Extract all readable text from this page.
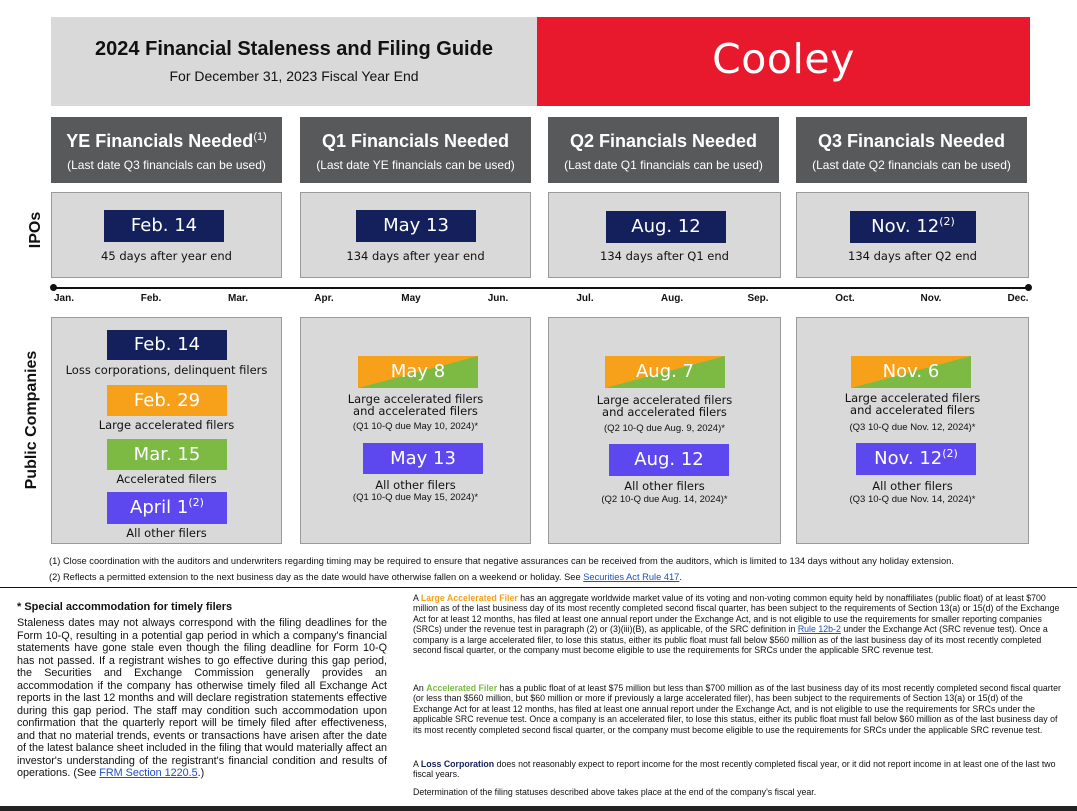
2024 Financial Staleness and Filing Guide
For December 31, 2023 Fiscal Year End	Cooley
YE Financials Needed$^{(1)}$
(Last date Q3 financials can be used)
Q1 Financials Needed
(Last date YE financials can be used)
Q2 Financials Needed
(Last date Q1 financials can be used)
Q3 Financials Needed
(Last date Q2 financials can be used)
IPOs
Public Companies
Feb. 14
45 days after year end
May 13
134 days after year end
Aug. 12
134 days after Q1 end
Nov. 12$^{(2)}$
134 days after Q2 end
Jan.	Feb.	Mar.	Apr.	May	Jun.	Jul.	Aug.	Sep.	Oct.	Nov.	Dec.
Feb. 14
Loss corporations, delinquent filers
Feb. 29
Large accelerated filers
Mar. 15
Accelerated filers
April 1$^{(2)}$
All other filers
May 8
Large accelerated filers
and accelerated filers
(Q1 10-Q due May 10, 2024)*
May 13
All other filers
(Q1 10-Q due May 15, 2024)*
Aug. 7
Large accelerated filers
and accelerated filers
(Q2 10-Q due Aug. 9, 2024)*
Aug. 12
All other filers
(Q2 10-Q due Aug. 14, 2024)*
Nov. 6
Large accelerated filers
and accelerated filers
(Q3 10-Q due Nov. 12, 2024)*
Nov. 12$^{(2)}$
All other filers
(Q3 10-Q due Nov. 14, 2024)*
(1) Close coordination with the auditors and underwriters regarding timing may be required to ensure that negative assurances can be received from the auditors, which is limited to 134 days without any holiday extension.
(2) Reflects a permitted extension to the next business day as the date would have otherwise fallen on a weekend or holiday. See Securities Act Rule 417.
* Special accommodation for timely filers
Staleness dates may not always correspond with the filing deadlines for the Form 10-Q, resulting in a potential gap period in which a company's financial statements have gone stale even though the filing deadline for Form 10-Q has not passed. If a registrant wishes to go effective during this gap period, the Securities and Exchange Commission generally provides an accommodation if the company has otherwise timely filed all Exchange Act reports in the last 12 months and will declare registration statements effective during this gap period. The staff may condition such accommodation upon confirmation that the quarterly report will be timely filed after effectiveness, and that no material trends, events or transactions have arisen after the date of the latest balance sheet included in the filing that would materially affect an investor's understanding of the registrant's financial condition and results of operations. (See FRM Section 1220.5.)
A Large Accelerated Filer has an aggregate worldwide market value of its voting and non-voting common equity held by nonaffiliates (public float) of at least $700 million as of the last business day of its most recently completed second fiscal quarter, has been subject to the requirements of Section 13(a) or 15(d) of the Exchange Act for at least 12 months, has filed at least one annual report under the Exchange Act, and is not eligible to use the requirements for smaller reporting companies (SRCs) under the revenue test in paragraph (2) or (3)(iii)(B), as applicable, of the SRC definition in Rule 12b-2 under the Exchange Act (SRC revenue test). Once a company is a large accelerated filer, to lose this status, either its public float must fall below $560 million as of the last business day of its most recently completed second fiscal quarter, or the company must become eligible to use the requirements for SRCs under the applicable SRC revenue test.
An Accelerated Filer has a public float of at least $75 million but less than $700 million as of the last business day of its most recently completed second fiscal quarter (or less than $560 million, but $60 million or more if previously a large accelerated filer), has been subject to the requirements of Section 13(a) or 15(d) of the Exchange Act for at least 12 months, has filed at least one annual report under the Exchange Act, and is not eligible to use the requirements for SRCs under the applicable SRC revenue test. Once a company is an accelerated filer, to lose this status, either its public float must fall below $60 million as of the last business day of its most recently completed second fiscal quarter, or the company must become eligible to use the requirements for SRCs under the applicable SRC revenue test.
A Loss Corporation does not reasonably expect to report income for the most recently completed fiscal year, or it did not report income in at least one of the last two fiscal years.
Determination of the filing statuses described above takes place at the end of the company's fiscal year.
